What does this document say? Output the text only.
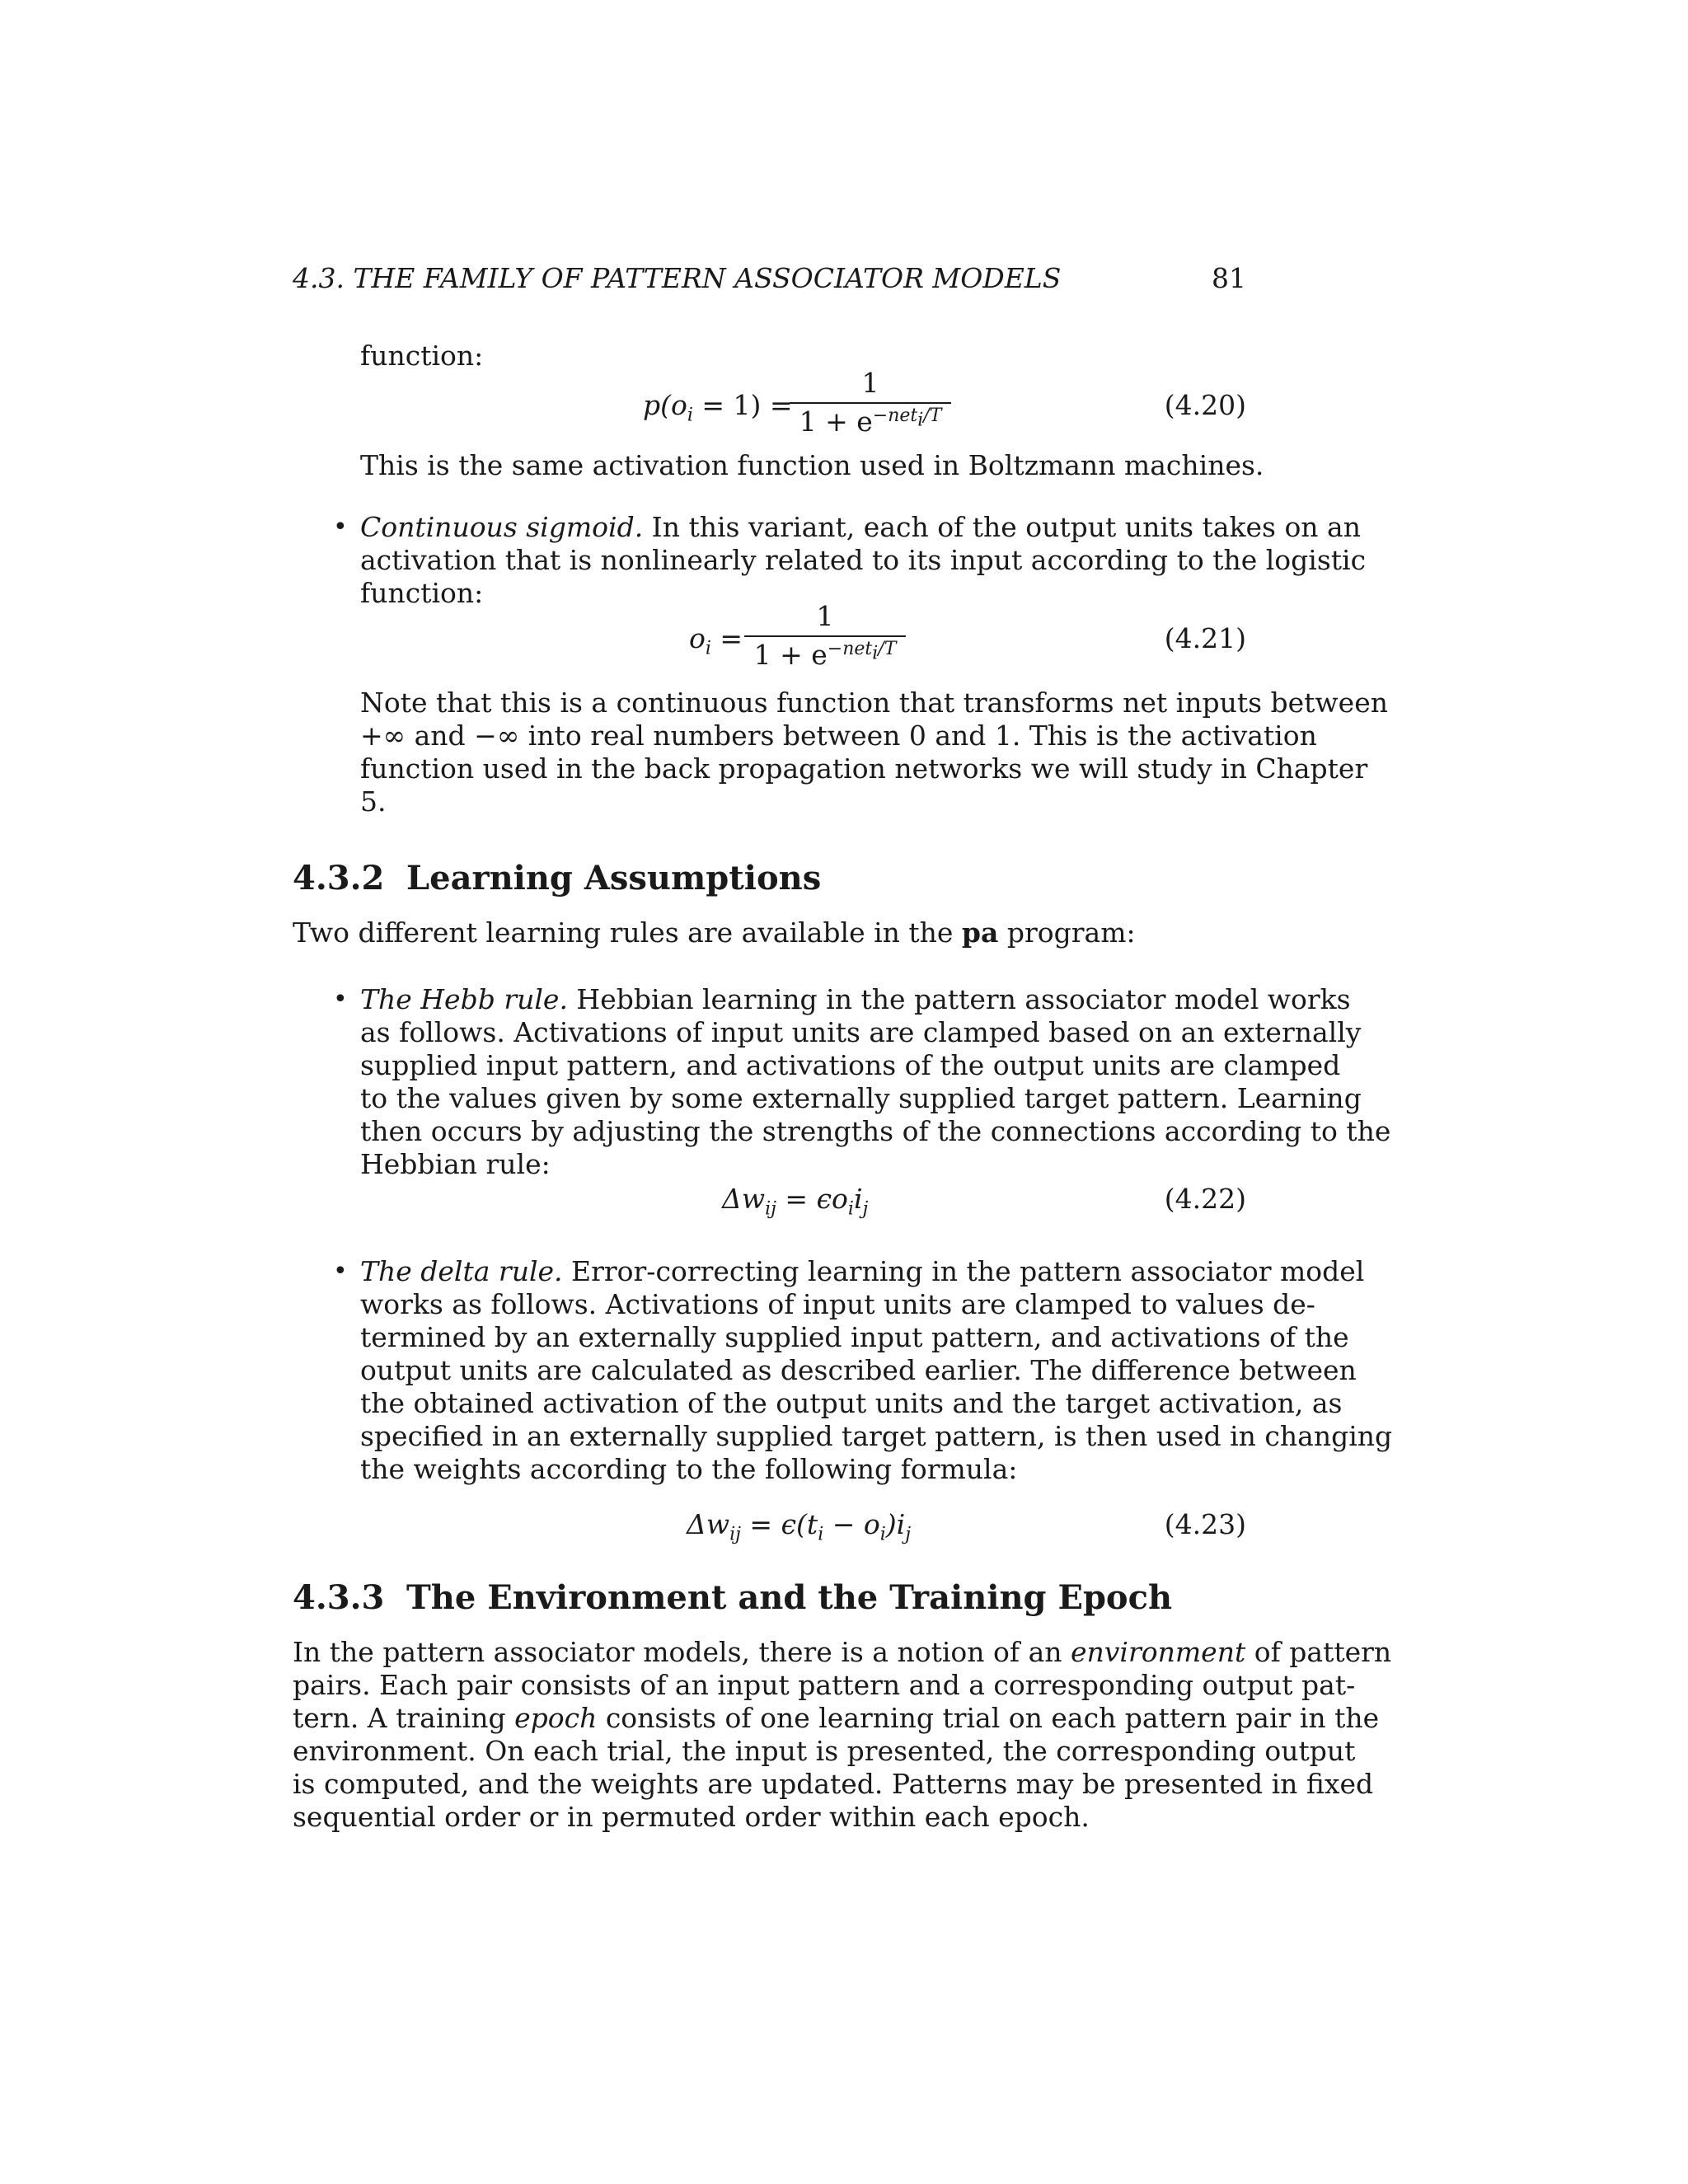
4.3. THE FAMILY OF PATTERN ASSOCIATOR MODELS	81
function:
$p(o_i = 1)$ =
1
$1 + e^{-net_i/T}$	(4.20)
This is the same activation function used in Boltzmann machines.
• Continuous sigmoid. In this variant, each of the output units takes on an
activation that is nonlinearly related to its input according to the logistic
function:
$o_i$ =
1
$1 + e^{-net_i/T}$	(4.21)
Note that this is a continuous function that transforms net inputs between
+∞ and −∞ into real numbers between 0 and 1. This is the activation
function used in the back propagation networks we will study in Chapter
5.
4.3.2 Learning Assumptions
Two different learning rules are available in the pa program:
• The Hebb rule. Hebbian learning in the pattern associator model works
as follows. Activations of input units are clamped based on an externally
supplied input pattern, and activations of the output units are clamped
to the values given by some externally supplied target pattern. Learning
then occurs by adjusting the strengths of the connections according to the
Hebbian rule:
$\Delta w_{ij} = \epsilon o_ii_j$	(4.22)
• The delta rule. Error-correcting learning in the pattern associator model
works as follows. Activations of input units are clamped to values de-
termined by an externally supplied input pattern, and activations of the
output units are calculated as described earlier. The difference between
the obtained activation of the output units and the target activation, as
specified in an externally supplied target pattern, is then used in changing
the weights according to the following formula:
$\Delta w_{ij} = \epsilon(t_i - o_i)i_j$	(4.23)
4.3.3 The Environment and the Training Epoch
In the pattern associator models, there is a notion of an environment of pattern
pairs. Each pair consists of an input pattern and a corresponding output pat-
tern. A training epoch consists of one learning trial on each pattern pair in the
environment. On each trial, the input is presented, the corresponding output
is computed, and the weights are updated. Patterns may be presented in fixed
sequential order or in permuted order within each epoch.
